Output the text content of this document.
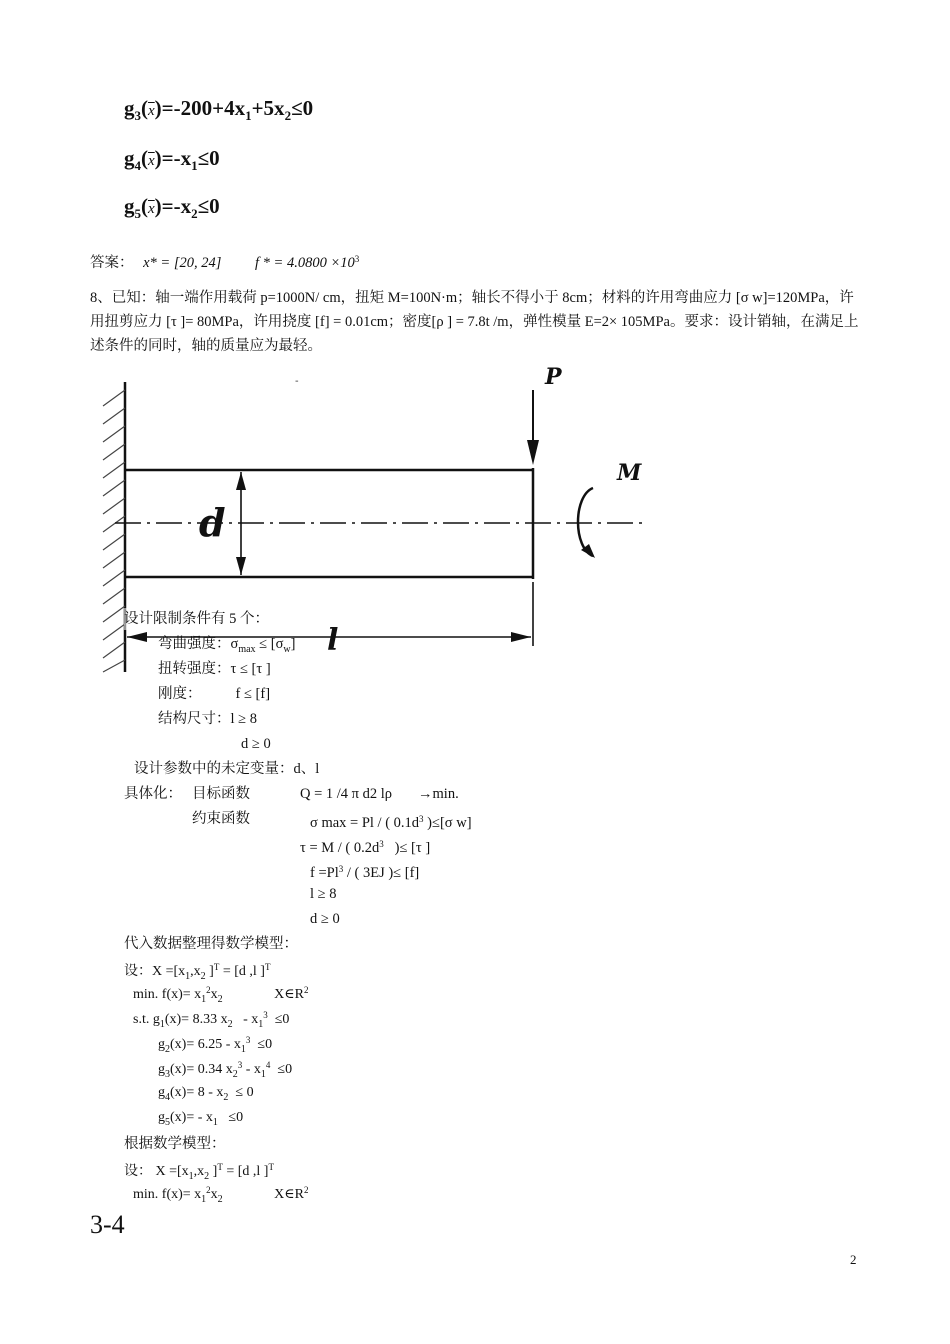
$g_3(\overline{x})=-200+4x_1+5x_2\le 0$
$g_4(\overline{x})=-x_1\le 0$
$g_5(\overline{x})=-x_2\le 0$
答案： x* = [20, 24] f * = $4.0800 \times 10^3$
8、已知：轴一端作用载荷 p=1000N/ cm，扭矩 M=100N·m；轴长不得小于 8cm；材料的许用弯曲应力 [σ w]=120MPa，许用扭剪应力 [τ ]= 80MPa，许用挠度 [f] = 0.01cm；密度[ρ ] = 7.8t /m，弹性模量 E=2× 105MPa。要求：设计销轴，在满足上述条件的同时，轴的质量应为最轻。
d
-	P
M
l
设计限制条件有 5 个：
弯曲强度：$\sigma_{max} \le [\sigma_w]$
扭转强度：τ ≤ [τ ]
刚度： f ≤ [f]
结构尺寸：l ≥ 8
d ≥ 0
设计参数中的未定变量：d、l
具体化： 目标函数	Q = 1 /4 π d2 lρ →min.
约束函数	σ max = Pl / ( $0.1d^3$ )≤[σ w]
τ = M / ( $0.2d^3$ )≤ [τ ]
$f =Pl^3$ / ( 3EJ )≤ [f]
l ≥ 8
d ≥ 0
代入数据整理得数学模型：
设：$X =[x_1,x_2$ ]$^T$ = [d ,l ]$^T$
min. $f(x)= x_1^2x_2$	$X\in R^2$
s.t. $g_1(x)= 8.33$ $x_2 - x_1^3 \le 0$
$g_2(x)= 6.25 - x_1^3 \le 0$
$g_3(x)= 0.34$ $x_2^3 - x_1^4 \le 0$
$g_4(x)= 8 - x_2 \le 0$
$g_5(x)= - x_1 \le 0$
根据数学模型：
设： $X =[x_1,x_2$ ]$^T$ = [d ,l ]$^T$
min. $f(x)= x_1^2x_2$	$X\in R^2$
3-4
2
